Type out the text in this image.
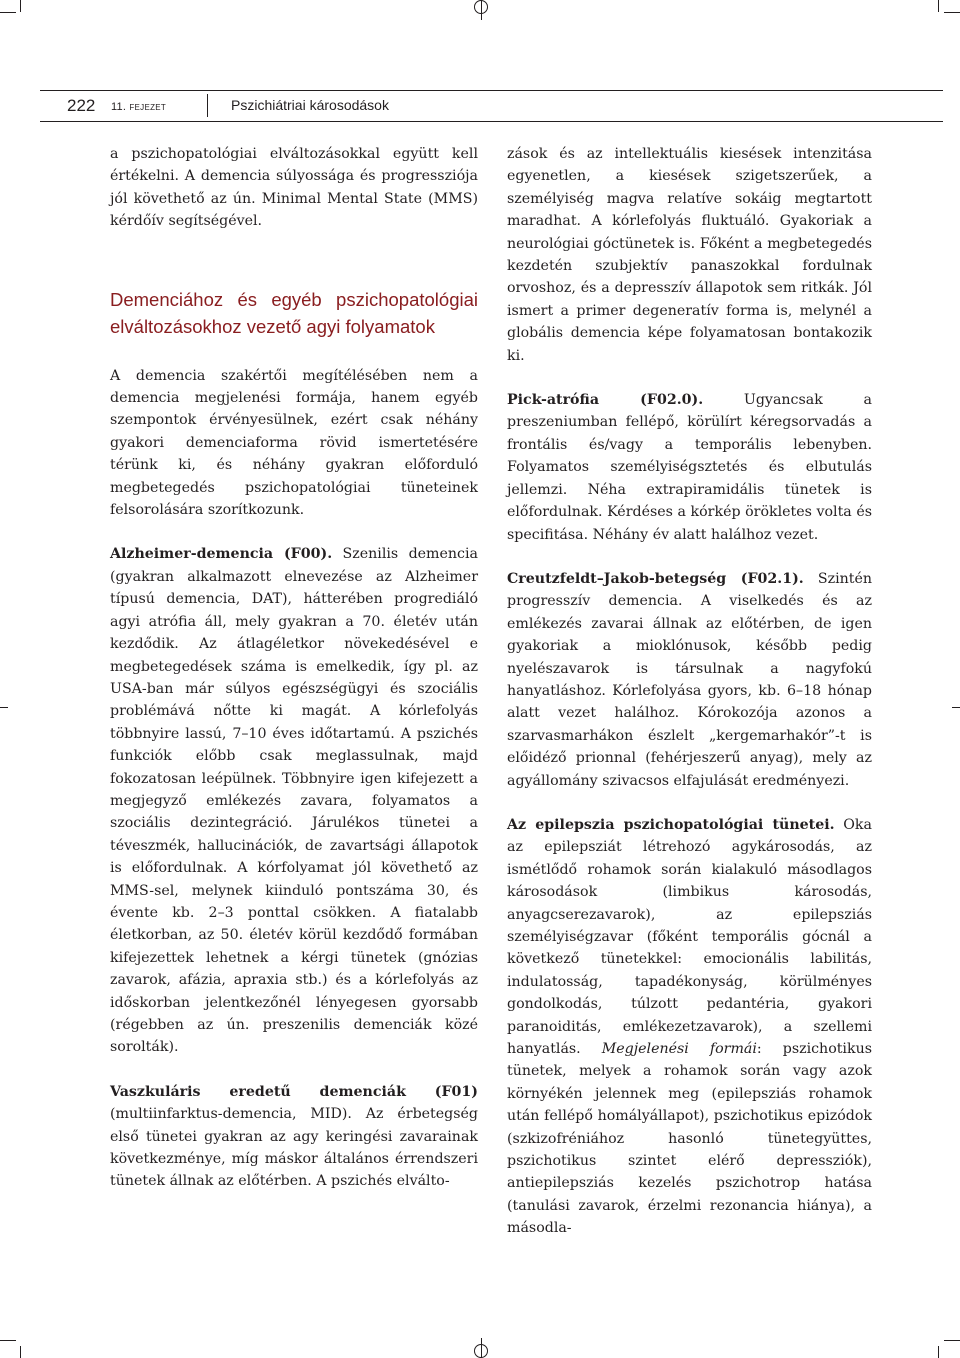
222 11. FEJEZET	Pszichiátriai károsodások

a pszichopatológiai elváltozásokkal együtt kell értékelni. A demencia súlyossága és progressziója jól követhető az ún. Minimal Mental State (MMS) kérdőív segítségével.

Demenciához és egyéb pszichopatológiai elváltozásokhoz vezető agyi folyamatok

A demencia szakértői megítélésében nem a demencia megjelenési formája, hanem egyéb szempontok érvényesülnek, ezért csak néhány gyakori demenciaforma rövid ismertetésére térünk ki, és néhány gyakran előforduló megbetegedés pszichopatológiai tüneteinek felsorolására szorítkozunk.

Alzheimer-demencia (F00). Szenilis demencia (gyakran alkalmazott elnevezése az Alzheimer típusú demencia, DAT), hátterében progrediáló agyi atrófia áll, mely gyakran a 70. életév után kezdődik. Az átlagéletkor növekedésével e megbetegedések száma is emelkedik, így pl. az USA-ban már súlyos egészségügyi és szociális problémává nőtte ki magát. A kórlefolyás többnyire lassú, 7–10 éves időtartamú. A pszichés funkciók előbb csak meglassulnak, majd fokozatosan leépülnek. Többnyire igen kifejezett a megjegyző emlékezés zavara, folyamatos a szociális dezintegráció. Járulékos tünetei a téveszmék, hallucinációk, de zavartsági állapotok is előfordulnak. A kórfolyamat jól követhető az MMS-sel, melynek kiinduló pontszáma 30, és évente kb. 2–3 ponttal csökken. A fiatalabb életkorban, az 50. életév körül kezdődő formában kifejezettek lehetnek a kérgi tünetek (gnózias zavarok, afázia, apraxia stb.) és a kórlefolyás az időskorban jelentkezőnél lényegesen gyorsabb (régebben az ún. preszenilis demenciák közé sorolták).

Vaszkuláris eredetű demenciák (F01) (multiinfarktus-demencia, MID). Az érbetegség első tünetei gyakran az agy keringési zavarainak következménye, míg máskor általános érrendszeri tünetek állnak az előtérben. A pszichés elválto-

zások és az intellektuális kiesések intenzitása egyenetlen, a kiesések szigetszerűek, a személyiség magva relatíve sokáig megtartott maradhat. A kórlefolyás fluktuáló. Gyakoriak a neurológiai góctünetek is. Főként a megbetegedés kezdetén szubjektív panaszokkal fordulnak orvoshoz, és a depresszív állapotok sem ritkák. Jól ismert a primer degeneratív forma is, melynél a globális demencia képe folyamatosan bontakozik ki.

Pick-atrófia (F02.0). Ugyancsak a preszeniumban fellépő, körülírt kéregsorvadás a frontális és/vagy a temporális lebenyben. Folyamatos személyiségsztetés és elbutulás jellemzi. Néha extrapiramidális tünetek is előfordulnak. Kérdéses a kórkép örökletes volta és specifitása. Néhány év alatt halálhoz vezet.

Creutzfeldt–Jakob-betegség (F02.1). Szintén progresszív demencia. A viselkedés és az emlékezés zavarai állnak az előtérben, de igen gyakoriak a mioklónusok, később pedig nyelészavarok is társulnak a nagyfokú hanyatláshoz. Kórlefolyása gyors, kb. 6–18 hónap alatt vezet halálhoz. Kórokozója azonos a szarvasmarhákon észlelt „kergemarhakór”-t is előidéző prionnal (fehérjeszerű anyag), mely az agyállomány szivacsos elfajulását eredményezi.

Az epilepszia pszichopatológiai tünetei. Oka az epilepsziát létrehozó agykárosodás, az ismétlődő rohamok során kialakuló másodlagos károsodások (limbikus károsodás, anyagcserezavarok), az epilepsziás személyiségzavar (főként temporális gócnál a következő tünetekkel: emocionális labilitás, indulatosság, tapadékonyság, körülményes gondolkodás, túlzott pedantéria, gyakori paranoiditás, emlékezetzavarok), a szellemi hanyatlás. Megjelenési formái: pszichotikus tünetek, melyek a rohamok során vagy azok környékén jelennek meg (epilepsziás rohamok után fellépő homályállapot), pszichotikus epizódok (szkizofréniához hasonló tünetegyüttes, pszichotikus szintet elérő depressziók), antiepilepsziás kezelés pszichotrop hatása (tanulási zavarok, érzelmi rezonancia hiánya), a másodla-
